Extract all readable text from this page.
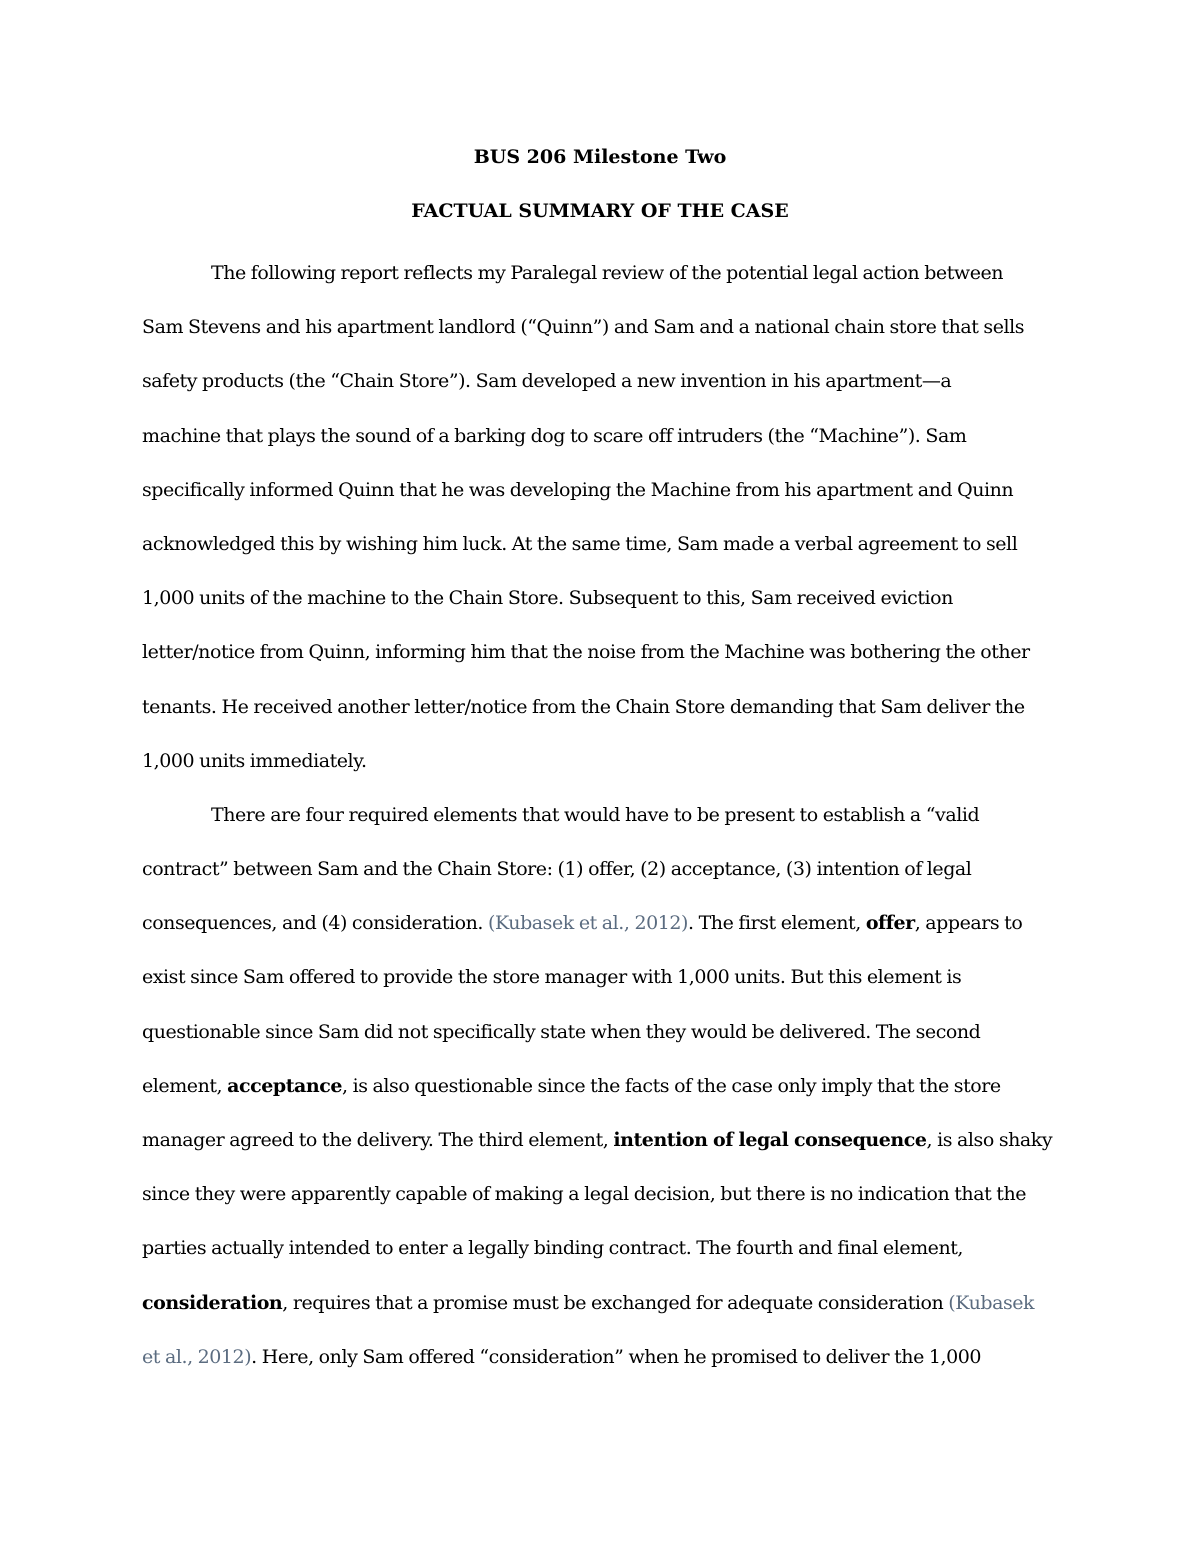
BUS 206 Milestone Two
FACTUAL SUMMARY OF THE CASE
The following report reflects my Paralegal review of the potential legal action between
Sam Stevens and his apartment landlord (“Quinn”) and Sam and a national chain store that sells
safety products (the “Chain Store”). Sam developed a new invention in his apartment—a
machine that plays the sound of a barking dog to scare off intruders (the “Machine”). Sam
specifically informed Quinn that he was developing the Machine from his apartment and Quinn
acknowledged this by wishing him luck. At the same time, Sam made a verbal agreement to sell
1,000 units of the machine to the Chain Store. Subsequent to this, Sam received eviction
letter/notice from Quinn, informing him that the noise from the Machine was bothering the other
tenants. He received another letter/notice from the Chain Store demanding that Sam deliver the
1,000 units immediately.
There are four required elements that would have to be present to establish a “valid
contract” between Sam and the Chain Store: (1) offer, (2) acceptance, (3) intention of legal
consequences, and (4) consideration. (Kubasek et al., 2012). The first element, offer, appears to
exist since Sam offered to provide the store manager with 1,000 units. But this element is
questionable since Sam did not specifically state when they would be delivered. The second
element, acceptance, is also questionable since the facts of the case only imply that the store
manager agreed to the delivery. The third element, intention of legal consequence, is also shaky
since they were apparently capable of making a legal decision, but there is no indication that the
parties actually intended to enter a legally binding contract. The fourth and final element,
consideration, requires that a promise must be exchanged for adequate consideration (Kubasek
et al., 2012). Here, only Sam offered “consideration” when he promised to deliver the 1,000
